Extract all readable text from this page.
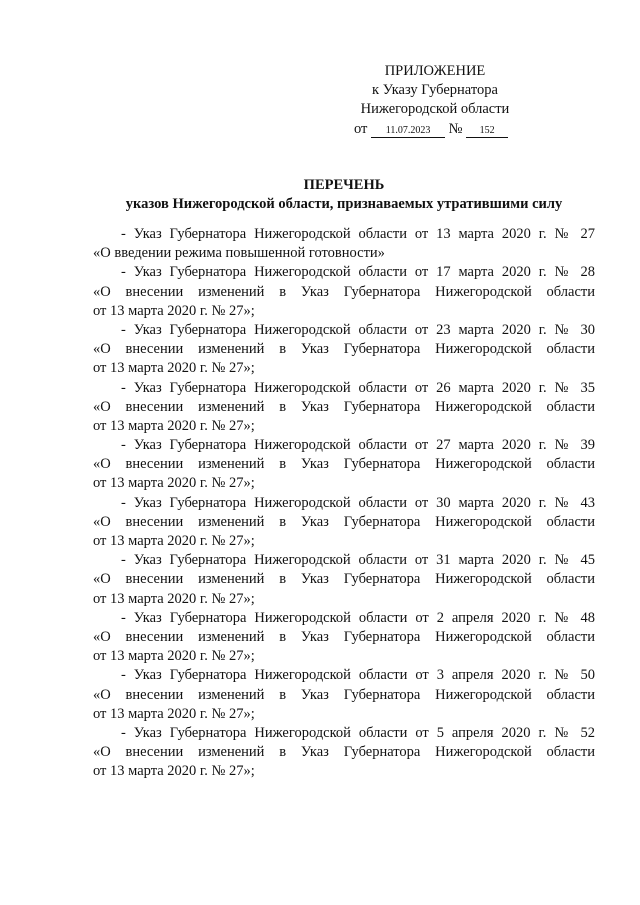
ПРИЛОЖЕНИЕ
к Указу Губернатора
Нижегородской области
от 11.07.2023 № 152
ПЕРЕЧЕНЬ
указов Нижегородской области, признаваемых утратившими силу
- Указ Губернатора Нижегородской области от 13 марта 2020 г. № 27
«О введении режима повышенной готовности»
- Указ Губернатора Нижегородской области от 17 марта 2020 г. № 28
«О внесении изменений в Указ Губернатора Нижегородской области
от 13 марта 2020 г. № 27»;
- Указ Губернатора Нижегородской области от 23 марта 2020 г. № 30
«О внесении изменений в Указ Губернатора Нижегородской области
от 13 марта 2020 г. № 27»;
- Указ Губернатора Нижегородской области от 26 марта 2020 г. № 35
«О внесении изменений в Указ Губернатора Нижегородской области
от 13 марта 2020 г. № 27»;
- Указ Губернатора Нижегородской области от 27 марта 2020 г. № 39
«О внесении изменений в Указ Губернатора Нижегородской области
от 13 марта 2020 г. № 27»;
- Указ Губернатора Нижегородской области от 30 марта 2020 г. № 43
«О внесении изменений в Указ Губернатора Нижегородской области
от 13 марта 2020 г. № 27»;
- Указ Губернатора Нижегородской области от 31 марта 2020 г. № 45
«О внесении изменений в Указ Губернатора Нижегородской области
от 13 марта 2020 г. № 27»;
- Указ Губернатора Нижегородской области от 2 апреля 2020 г. № 48
«О внесении изменений в Указ Губернатора Нижегородской области
от 13 марта 2020 г. № 27»;
- Указ Губернатора Нижегородской области от 3 апреля 2020 г. № 50
«О внесении изменений в Указ Губернатора Нижегородской области
от 13 марта 2020 г. № 27»;
- Указ Губернатора Нижегородской области от 5 апреля 2020 г. № 52
«О внесении изменений в Указ Губернатора Нижегородской области
от 13 марта 2020 г. № 27»;
